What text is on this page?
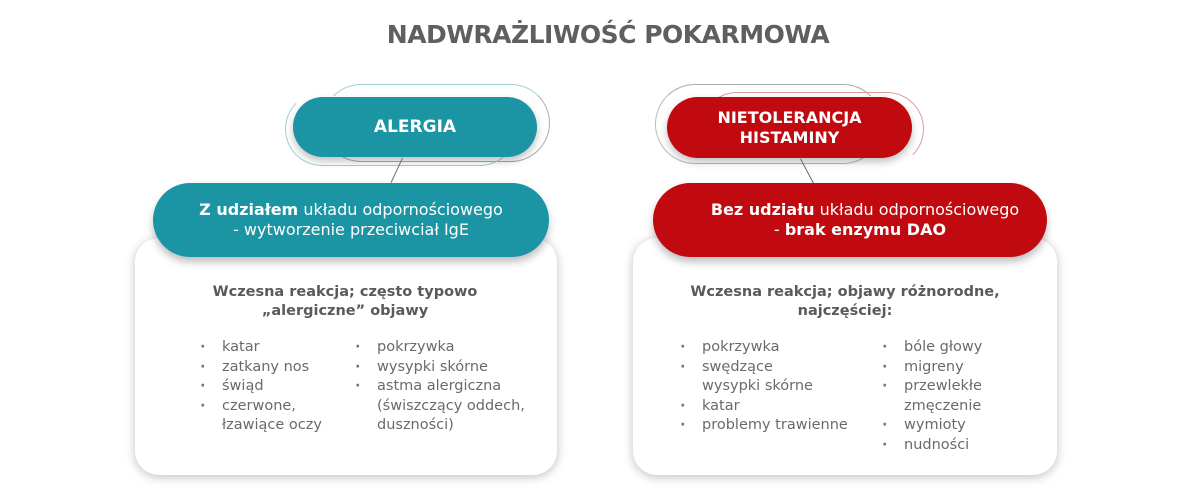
NADWRAŻLIWOŚĆ POKARMOWA
ALERGIA
Z udziałem układu odpornościowego
- wytworzenie przeciwciał IgE
Wczesna reakcja; często typowo
„alergiczne” objawy
· katar
· zatkany nos
· świąd
· czerwone, łzawiące oczy
· pokrzywka
· wysypki skórne
· astma alergiczna (świszczący oddech, duszności)
NIETOLERANCJA
HISTAMINY
Bez udziału układu odpornościowego
- brak enzymu DAO
Wczesna reakcja; objawy różnorodne,
najczęściej:
· pokrzywka
· swędzące wysypki skórne
· katar
· problemy trawienne
· bóle głowy
· migreny
· przewlekłe zmęczenie
· wymioty
· nudności
